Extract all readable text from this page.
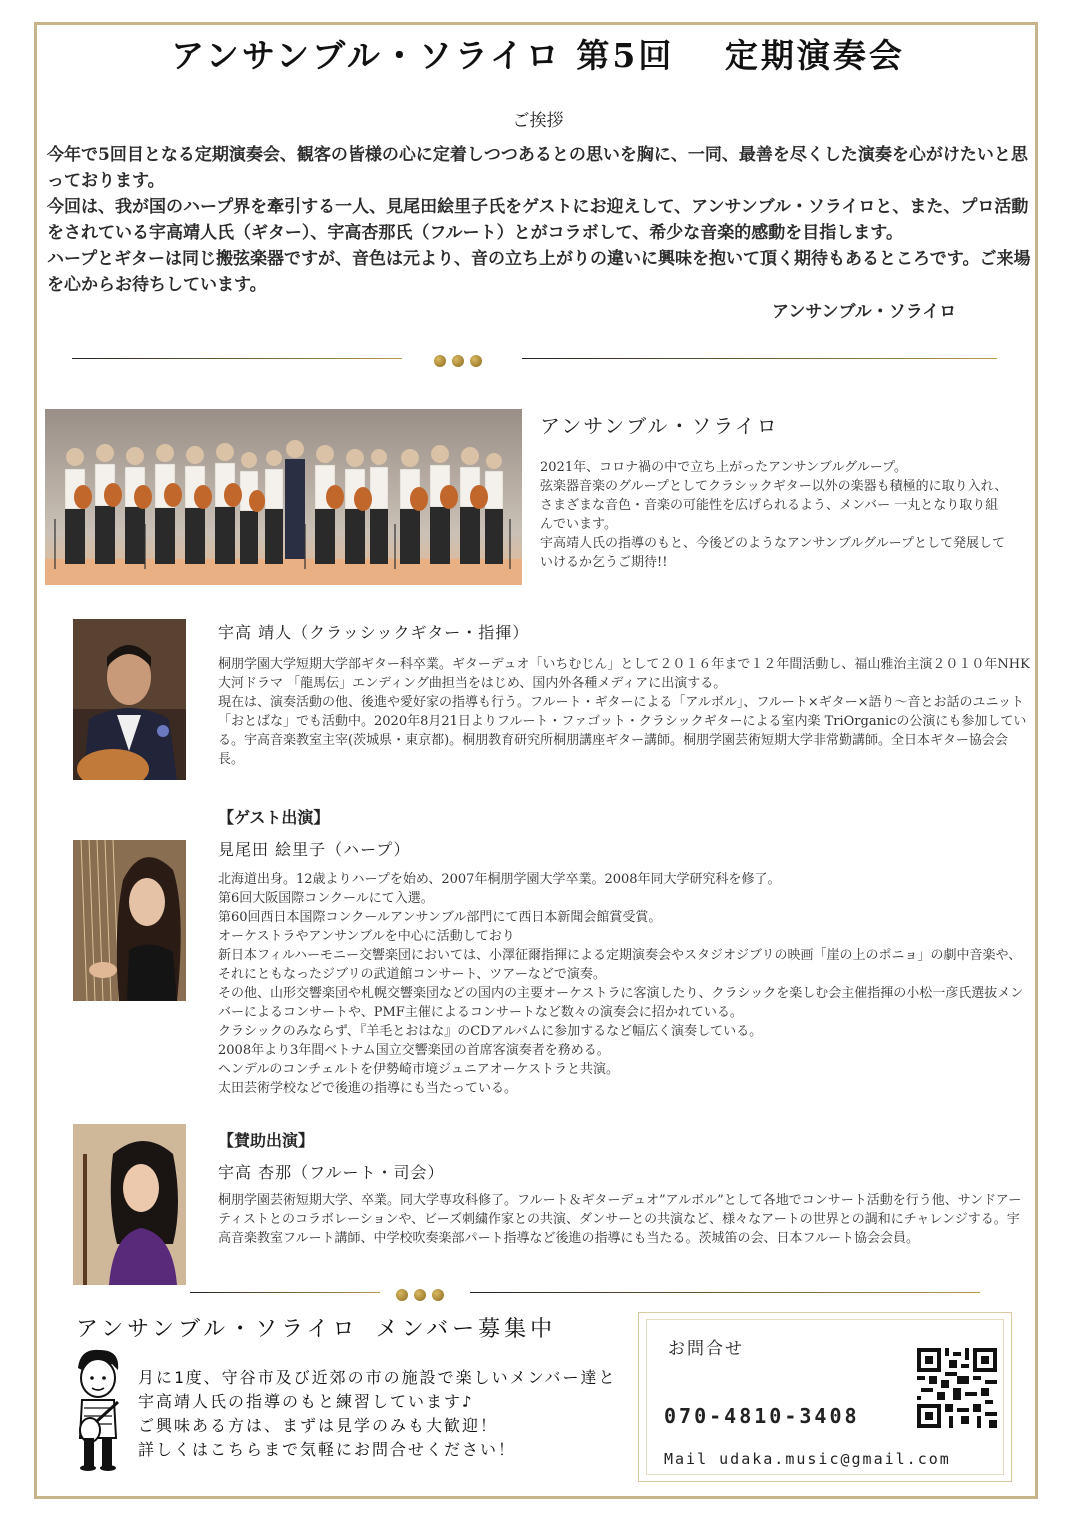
アンサンブル・ソライロ 第5回　 定期演奏会
ご挨拶

今年で5回目となる定期演奏会、観客の皆様の心に定着しつつあるとの思いを胸に、一同、最善を尽くした演奏を心がけたいと思っております。

今回は、我が国のハープ界を牽引する一人、見尾田絵里子氏をゲストにお迎えして、アンサンブル・ソライロと、また、プロ活動をされている宇高靖人氏（ギター）、宇高杏那氏（フルート）とがコラボして、希少な音楽的感動を目指します。

ハープとギターは同じ搬弦楽器ですが、音色は元より、音の立ち上がりの違いに興味を抱いて頂く期待もあるところです。ご来場を心からお待ちしています。

アンサンブル・ソライロ
アンサンブル・ソライロ

2021年、コロナ禍の中で立ち上がったアンサンブルグループ。

弦楽器音楽のグループとしてクラシックギター以外の楽器も積極的に取り入れ、さまざまな音色・音楽の可能性を広げられるよう、メンバー 一丸となり取り組んでいます。

宇高靖人氏の指導のもと、今後どのようなアンサンブルグループとして発展していけるか乞うご期待!!

宇高 靖人（クラッシックギター・指揮）

桐朋学園大学短期大学部ギター科卒業。ギターデュオ「いちむじん」として２０１６年まで１２年間活動し、福山雅治主演２０１０年NHK大河ドラマ 「龍馬伝」エンディング曲担当をはじめ、国内外各種メディアに出演する。

現在は、演奏活動の他、後進や愛好家の指導も行う。フルート・ギターによる「アルボル」、フルート×ギター×語り～音とお話のユニット「おとばな」でも活動中。2020年8月21日よりフルート・ファゴット・クラシックギターによる室内楽 TriOrganicの公演にも参加している。宇高音楽教室主宰(茨城県・東京都)。桐朋教育研究所桐朋講座ギター講師。桐朋学園芸術短期大学非常勤講師。全日本ギター協会会長。

【ゲスト出演】
見尾田 絵里子（ハープ）

北海道出身。12歳よりハープを始め、2007年桐朋学園大学卒業。2008年同大学研究科を修了。

第6回大阪国際コンクールにて入選。

第60回西日本国際コンクールアンサンブル部門にて西日本新聞会館賞受賞。

オーケストラやアンサンブルを中心に活動しており

新日本フィルハーモニー交響楽団においては、小澤征爾指揮による定期演奏会やスタジオジブリの映画「崖の上のポニョ」の劇中音楽や、それにともなったジブリの武道館コンサート、ツアーなどで演奏。

その他、山形交響楽団や札幌交響楽団などの国内の主要オーケストラに客演したり、クラシックを楽しむ会主催指揮の小松一彦氏選抜メンバーによるコンサートや、PMF主催によるコンサートなど数々の演奏会に招かれている。

クラシックのみならず、『羊毛とおはな』のCDアルバムに参加するなど幅広く演奏している。

2008年より3年間ベトナム国立交響楽団の首席客演奏者を務める。

ヘンデルのコンチェルトを伊勢崎市境ジュニアオーケストラと共演。

太田芸術学校などで後進の指導にも当たっている。

【賛助出演】
宇高 杏那（フルート・司会）

桐朋学園芸術短期大学、卒業。同大学専攻科修了。フルート＆ギターデュオ”アルボル”として各地でコンサート活動を行う他、サンドアーティストとのコラボレーションや、ビーズ刺繍作家との共演、ダンサーとの共演など、様々なアートの世界との調和にチャレンジする。宇高音楽教室フルート講師、中学校吹奏楽部パート指導など後進の指導にも当たる。茨城笛の会、日本フルート協会会員。

アンサンブル・ソライロ メンバー募集中

月に1度、守谷市及び近郊の市の施設で楽しいメンバー達と宇高靖人氏の指導のもと練習しています♪

ご興味ある方は、まずは見学のみも大歓迎！

詳しくはこちらまで気軽にお問合せください！

お問合せ
070-4810-3408
Mail udaka.music@gmail.com
